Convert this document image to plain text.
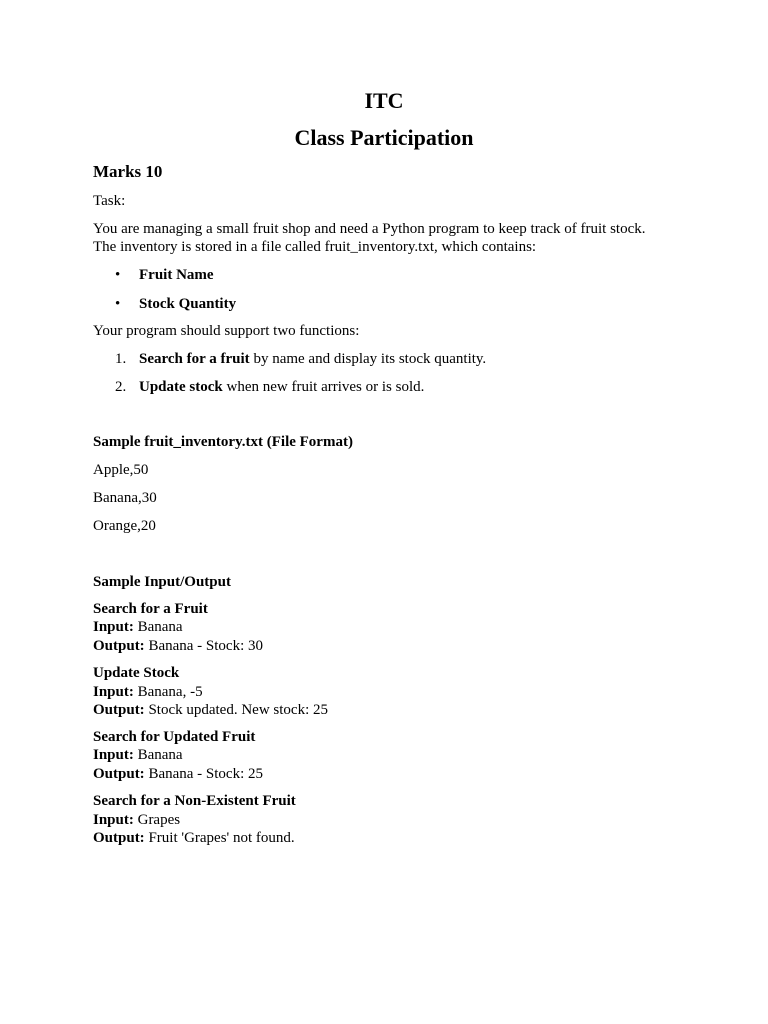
ITC
Class Participation
Marks 10
Task:
You are managing a small fruit shop and need a Python program to keep track of fruit stock.
The inventory is stored in a file called fruit_inventory.txt, which contains:
• Fruit Name
• Stock Quantity
Your program should support two functions:
1. Search for a fruit by name and display its stock quantity.
2. Update stock when new fruit arrives or is sold.
Sample fruit_inventory.txt (File Format)
Apple,50
Banana,30
Orange,20
Sample Input/Output
Search for a Fruit
Input: Banana
Output: Banana - Stock: 30
Update Stock
Input: Banana, -5
Output: Stock updated. New stock: 25
Search for Updated Fruit
Input: Banana
Output: Banana - Stock: 25
Search for a Non-Existent Fruit
Input: Grapes
Output: Fruit 'Grapes' not found.
